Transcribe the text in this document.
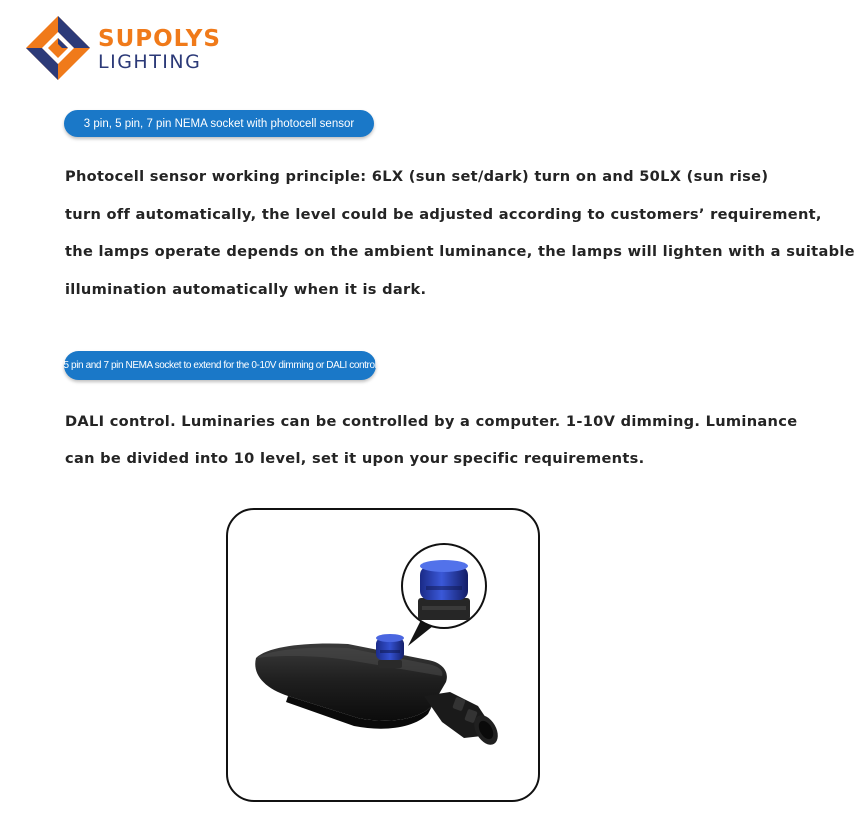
SUPOLYS
LIGHTING
3 pin, 5 pin, 7 pin NEMA socket with photocell sensor
Photocell sensor working principle: 6LX (sun set/dark) turn on and 50LX (sun rise)
turn off automatically, the level could be adjusted according to customers’ requirement,
the lamps operate depends on the ambient luminance, the lamps will lighten with a suitable
illumination automatically when it is dark.
5 pin and 7 pin NEMA socket to extend for the 0-10V dimming or DALI control
DALI control. Luminaries can be controlled by a computer. 1-10V dimming. Luminance
can be divided into 10 level, set it upon your specific requirements.
